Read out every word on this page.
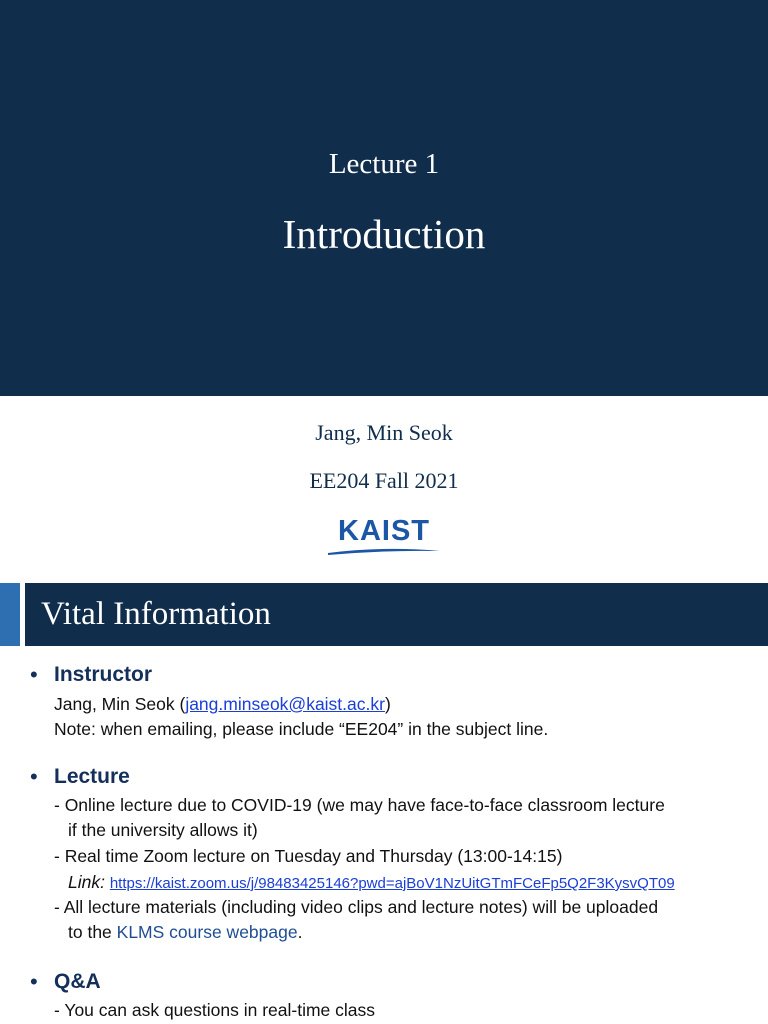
Lecture 1
Introduction
Jang, Min Seok
EE204 Fall 2021
KAIST
Vital Information
• Instructor
Jang, Min Seok (jang.minseok@kaist.ac.kr)
Note: when emailing, please include “EE204” in the subject line.
• Lecture
- Online lecture due to COVID-19 (we may have face-to-face classroom lecture
if the university allows it)
- Real time Zoom lecture on Tuesday and Thursday (13:00-14:15)
Link: https://kaist.zoom.us/j/98483425146?pwd=ajBoV1NzUitGTmFCeFp5Q2F3KysvQT09
- All lecture materials (including video clips and lecture notes) will be uploaded
to the KLMS course webpage.
• Q&A
- You can ask questions in real-time class
